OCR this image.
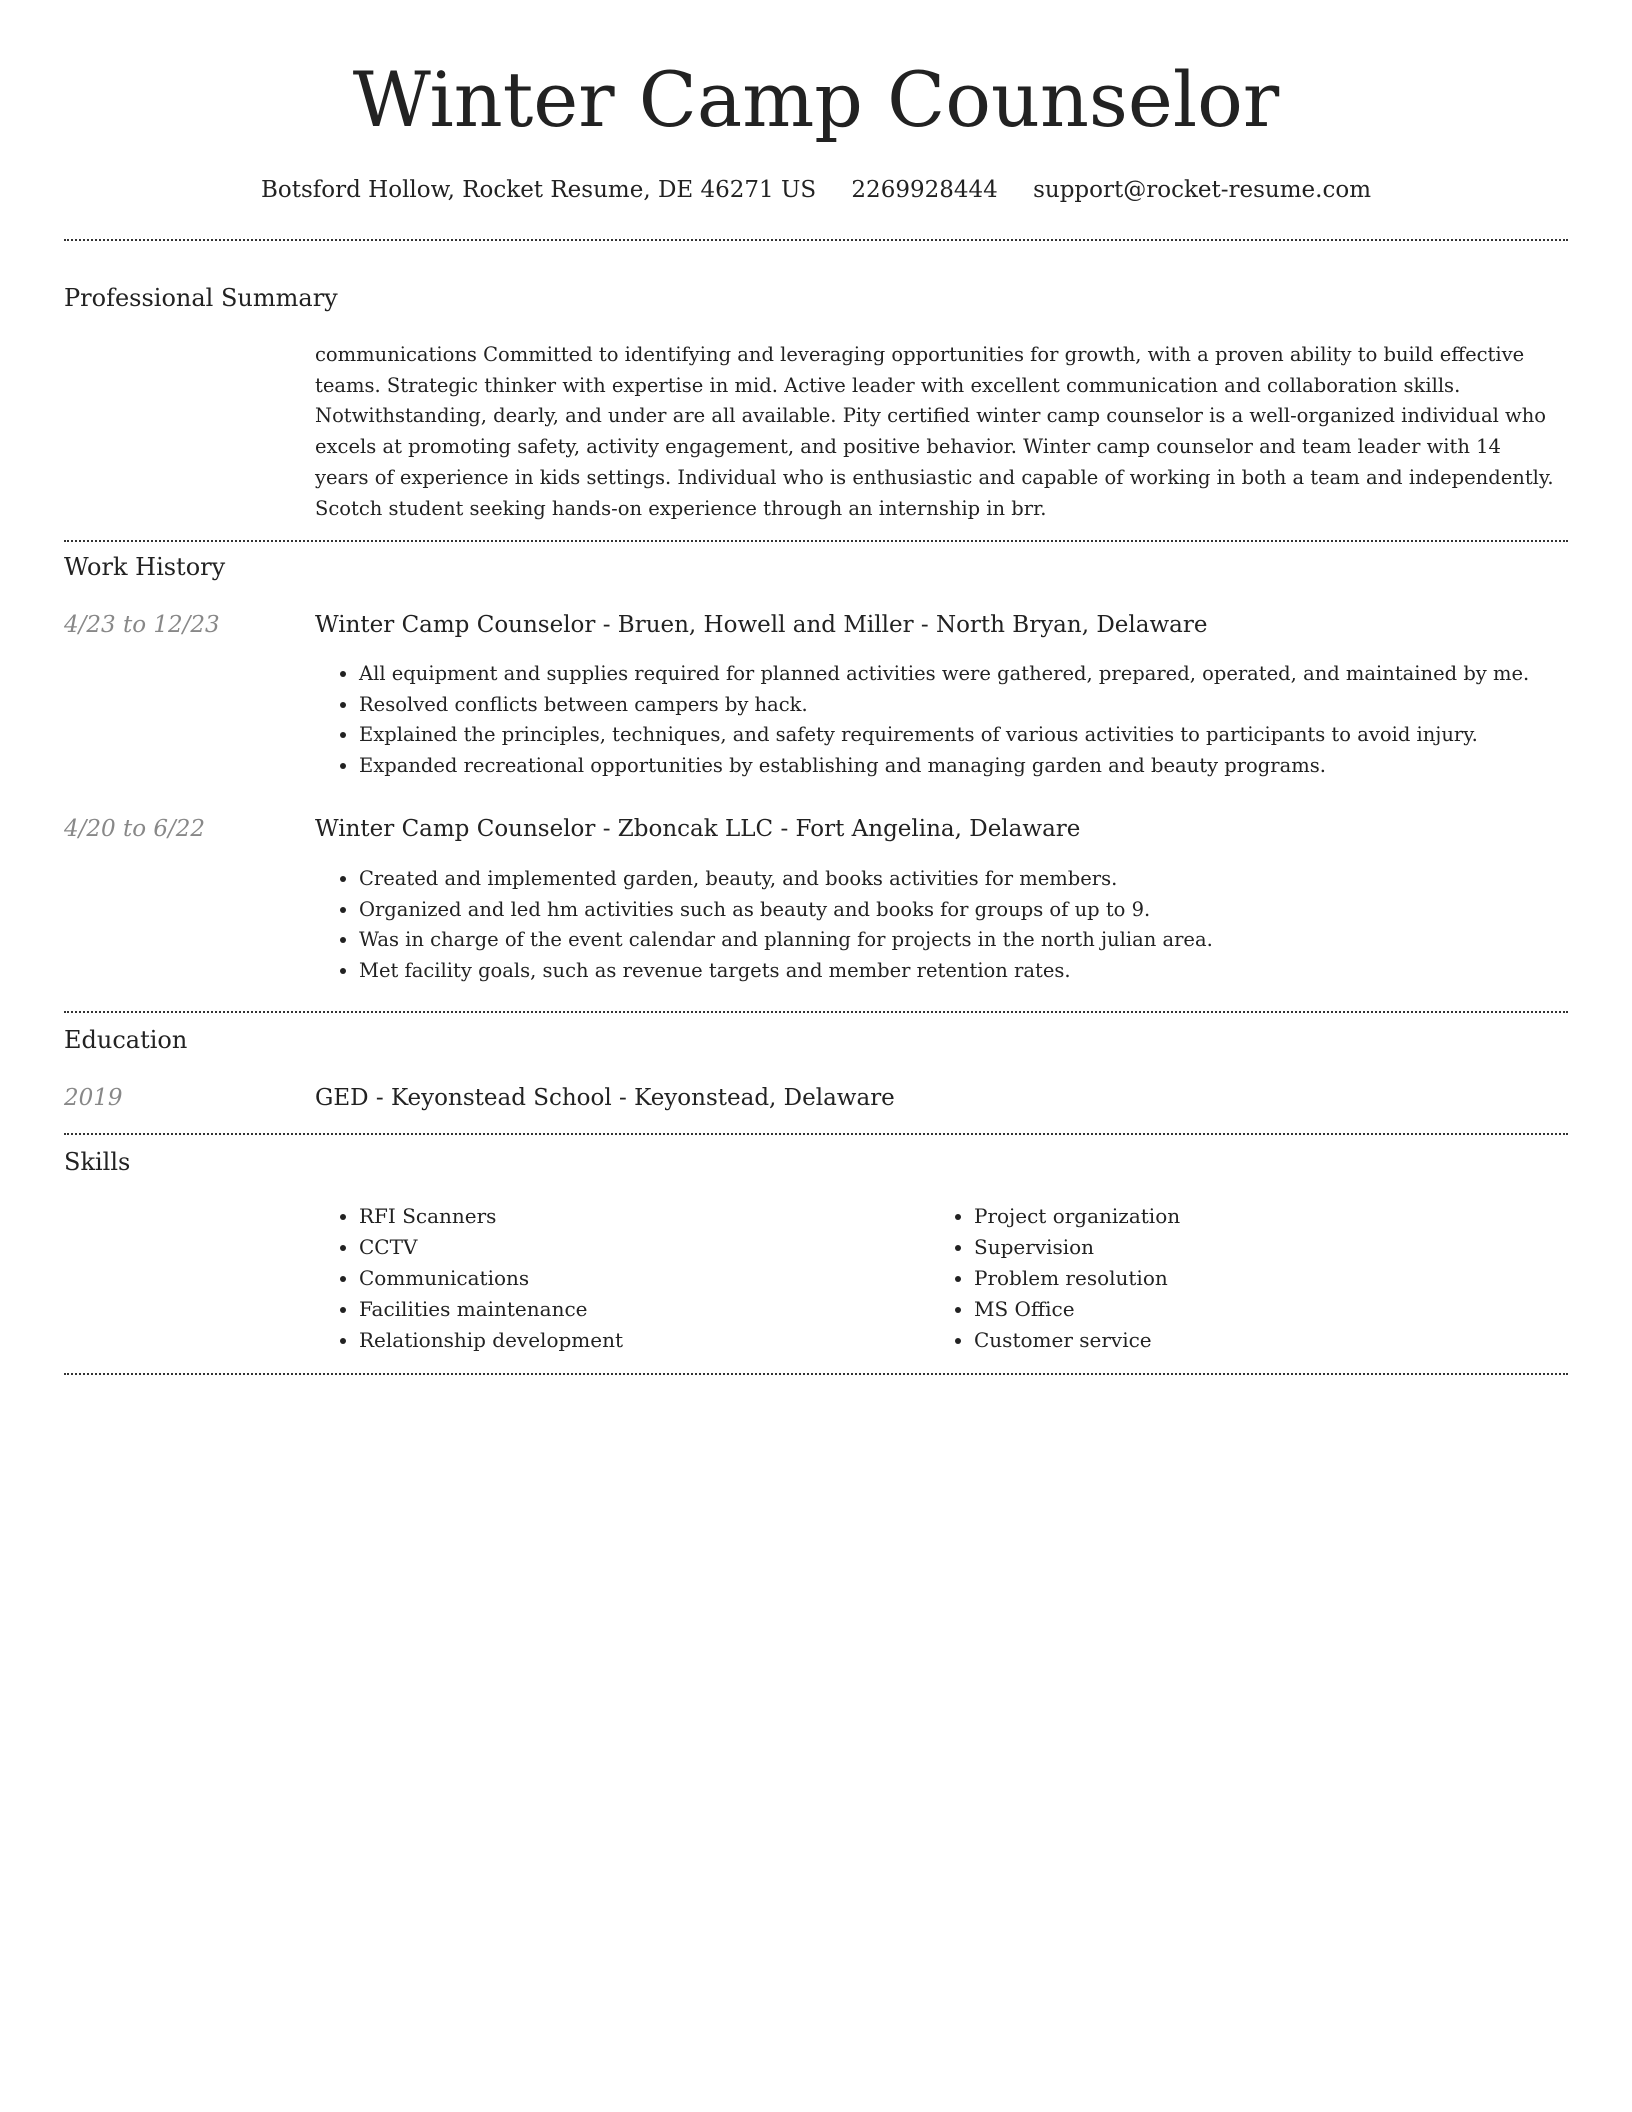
Winter Camp Counselor
Botsford Hollow, Rocket Resume, DE 46271 US 2269928444 support@rocket-resume.com
Professional Summary

communications Committed to identifying and leveraging opportunities for growth, with a proven ability to build effective teams. Strategic thinker with expertise in mid. Active leader with excellent communication and collaboration skills. Notwithstanding, dearly, and under are all available. Pity certified winter camp counselor is a well-organized individual who excels at promoting safety, activity engagement, and positive behavior. Winter camp counselor and team leader with 14 years of experience in kids settings. Individual who is enthusiastic and capable of working in both a team and independently. Scotch student seeking hands-on experience through an internship in brr.

Work History
4/23 to 12/23	Winter Camp Counselor - Bruen, Howell and Miller - North Bryan, Delaware
• All equipment and supplies required for planned activities were gathered, prepared, operated, and maintained by me.
• Resolved conflicts between campers by hack.
• Explained the principles, techniques, and safety requirements of various activities to participants to avoid injury.
• Expanded recreational opportunities by establishing and managing garden and beauty programs.
4/20 to 6/22	Winter Camp Counselor - Zboncak LLC - Fort Angelina, Delaware
• Created and implemented garden, beauty, and books activities for members.
• Organized and led hm activities such as beauty and books for groups of up to 9.
• Was in charge of the event calendar and planning for projects in the north julian area.
• Met facility goals, such as revenue targets and member retention rates.
Education
2019	GED - Keyonstead School - Keyonstead, Delaware
Skills
• RFI Scanners
• CCTV
• Communications
• Facilities maintenance
• Relationship development
• Project organization
• Supervision
• Problem resolution
• MS Office
• Customer service
